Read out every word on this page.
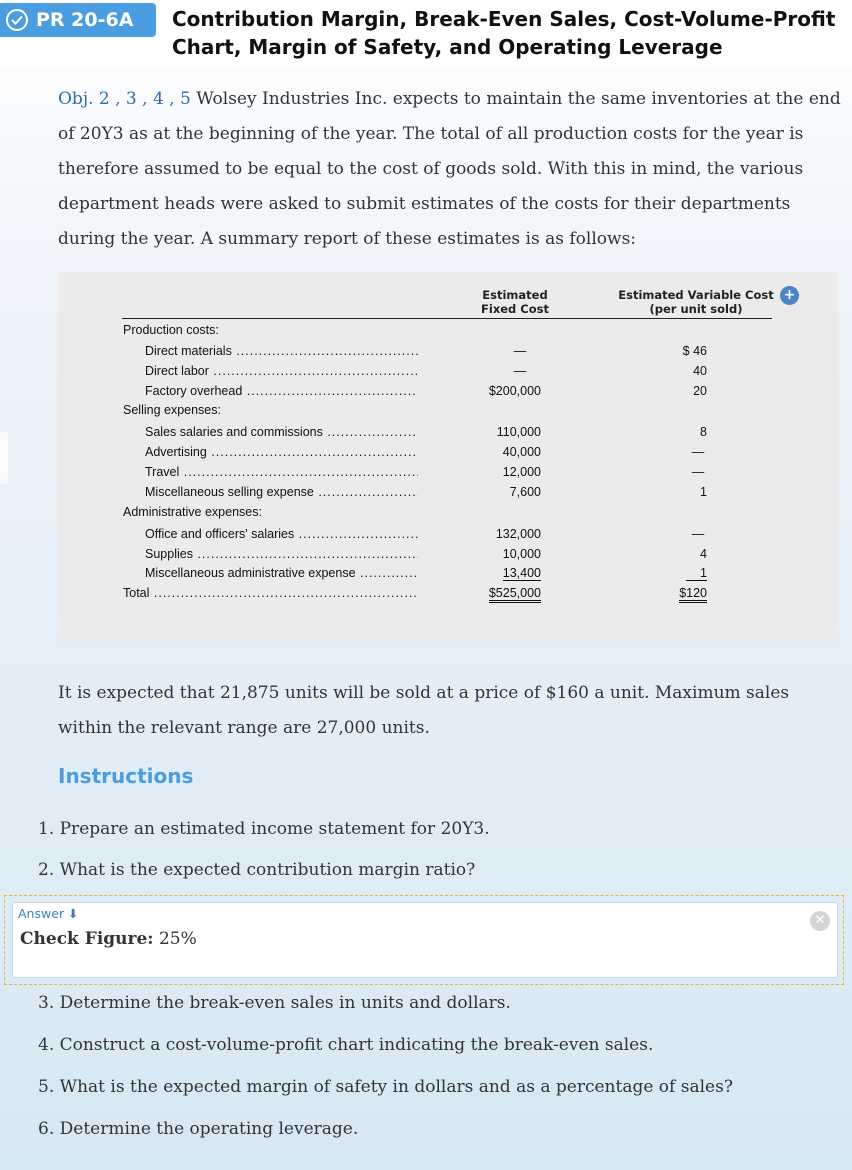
PR 20-6A Contribution Margin, Break-Even Sales, Cost-Volume-Profit
Chart, Margin of Safety, and Operating Leverage
Obj. 2 , 3 , 4 , 5 Wolsey Industries Inc. expects to maintain the same inventories at the end of 20Y3 as at the beginning of the year. The total of all production costs for the year is therefore assumed to be equal to the cost of goods sold. With this in mind, the various department heads were asked to submit estimates of the costs for their departments during the year. A summary report of these estimates is as follows:
Estimated
Fixed Cost
Estimated Variable Cost
(per unit sold)
Production costs:
Direct materials .....	—	$ 46
Direct labor .....	—	40
Factory overhead .....	$200,000	20
Selling expenses:
Sales salaries and commissions .....	110,000	8
Advertising .....	40,000	—
Travel .....	12,000	—
Miscellaneous selling expense .....	7,600	1
Administrative expenses:
Office and officers' salaries .....	132,000	—
Supplies .....	10,000	4
Miscellaneous administrative expense .....	13,400	1
Total .....	$525,000	$120
+
It is expected that 21,875 units will be sold at a price of $160 a unit. Maximum sales within the relevant range are 27,000 units.
Instructions
1. Prepare an estimated income statement for 20Y3.
2. What is the expected contribution margin ratio?
Answer ⬇	✕
Check Figure: 25%
3. Determine the break-even sales in units and dollars.
4. Construct a cost-volume-profit chart indicating the break-even sales.
5. What is the expected margin of safety in dollars and as a percentage of sales?
6. Determine the operating leverage.
